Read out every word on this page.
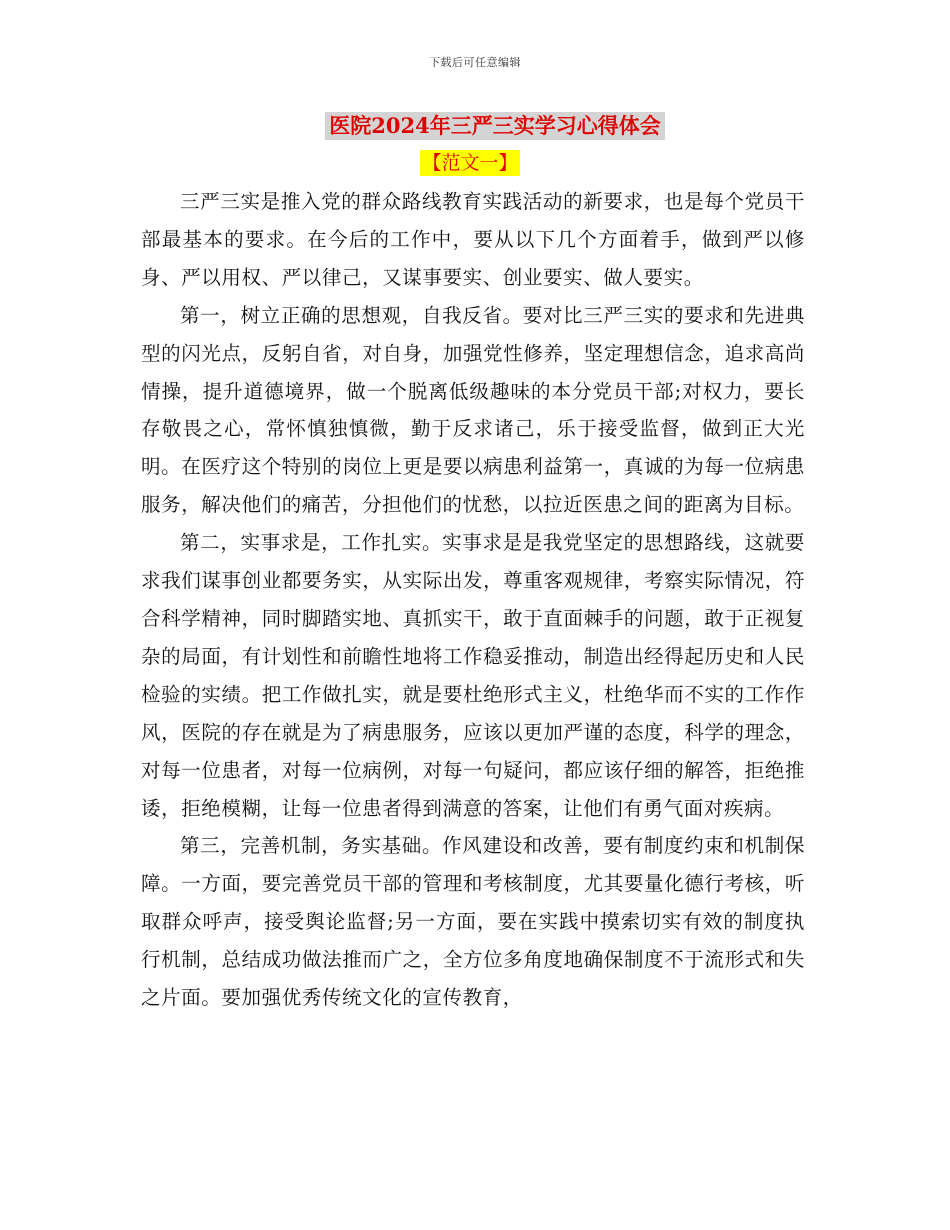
下载后可任意编辑
医院2024年三严三实学习心得体会
【范文一】

三严三实是推入党的群众路线教育实践活动的新要求，也是每个党员干部最基本的要求。在今后的工作中，要从以下几个方面着手，做到严以修身、严以用权、严以律己，又谋事要实、创业要实、做人要实。

第一，树立正确的思想观，自我反省。要对比三严三实的要求和先进典型的闪光点，反躬自省，对自身，加强党性修养，坚定理想信念，追求高尚情操，提升道德境界，做一个脱离低级趣味的本分党员干部;对权力，要长存敬畏之心，常怀慎独慎微，勤于反求诸己，乐于接受监督，做到正大光明。在医疗这个特别的岗位上更是要以病患利益第一，真诚的为每一位病患服务，解决他们的痛苦，分担他们的忧愁，以拉近医患之间的距离为目标。

第二，实事求是，工作扎实。实事求是是我党坚定的思想路线，这就要求我们谋事创业都要务实，从实际出发，尊重客观规律，考察实际情况，符合科学精神，同时脚踏实地、真抓实干，敢于直面棘手的问题，敢于正视复杂的局面，有计划性和前瞻性地将工作稳妥推动，制造出经得起历史和人民检验的实绩。把工作做扎实，就是要杜绝形式主义，杜绝华而不实的工作作风，医院的存在就是为了病患服务，应该以更加严谨的态度，科学的理念，对每一位患者，对每一位病例，对每一句疑问，都应该仔细的解答，拒绝推诿，拒绝模糊，让每一位患者得到满意的答案，让他们有勇气面对疾病。

第三，完善机制，务实基础。作风建设和改善，要有制度约束和机制保障。一方面，要完善党员干部的管理和考核制度，尤其要量化德行考核，听取群众呼声，接受舆论监督;另一方面，要在实践中摸索切实有效的制度执行机制，总结成功做法推而广之，全方位多角度地确保制度不于流形式和失之片面。要加强优秀传统文化的宣传教育，
